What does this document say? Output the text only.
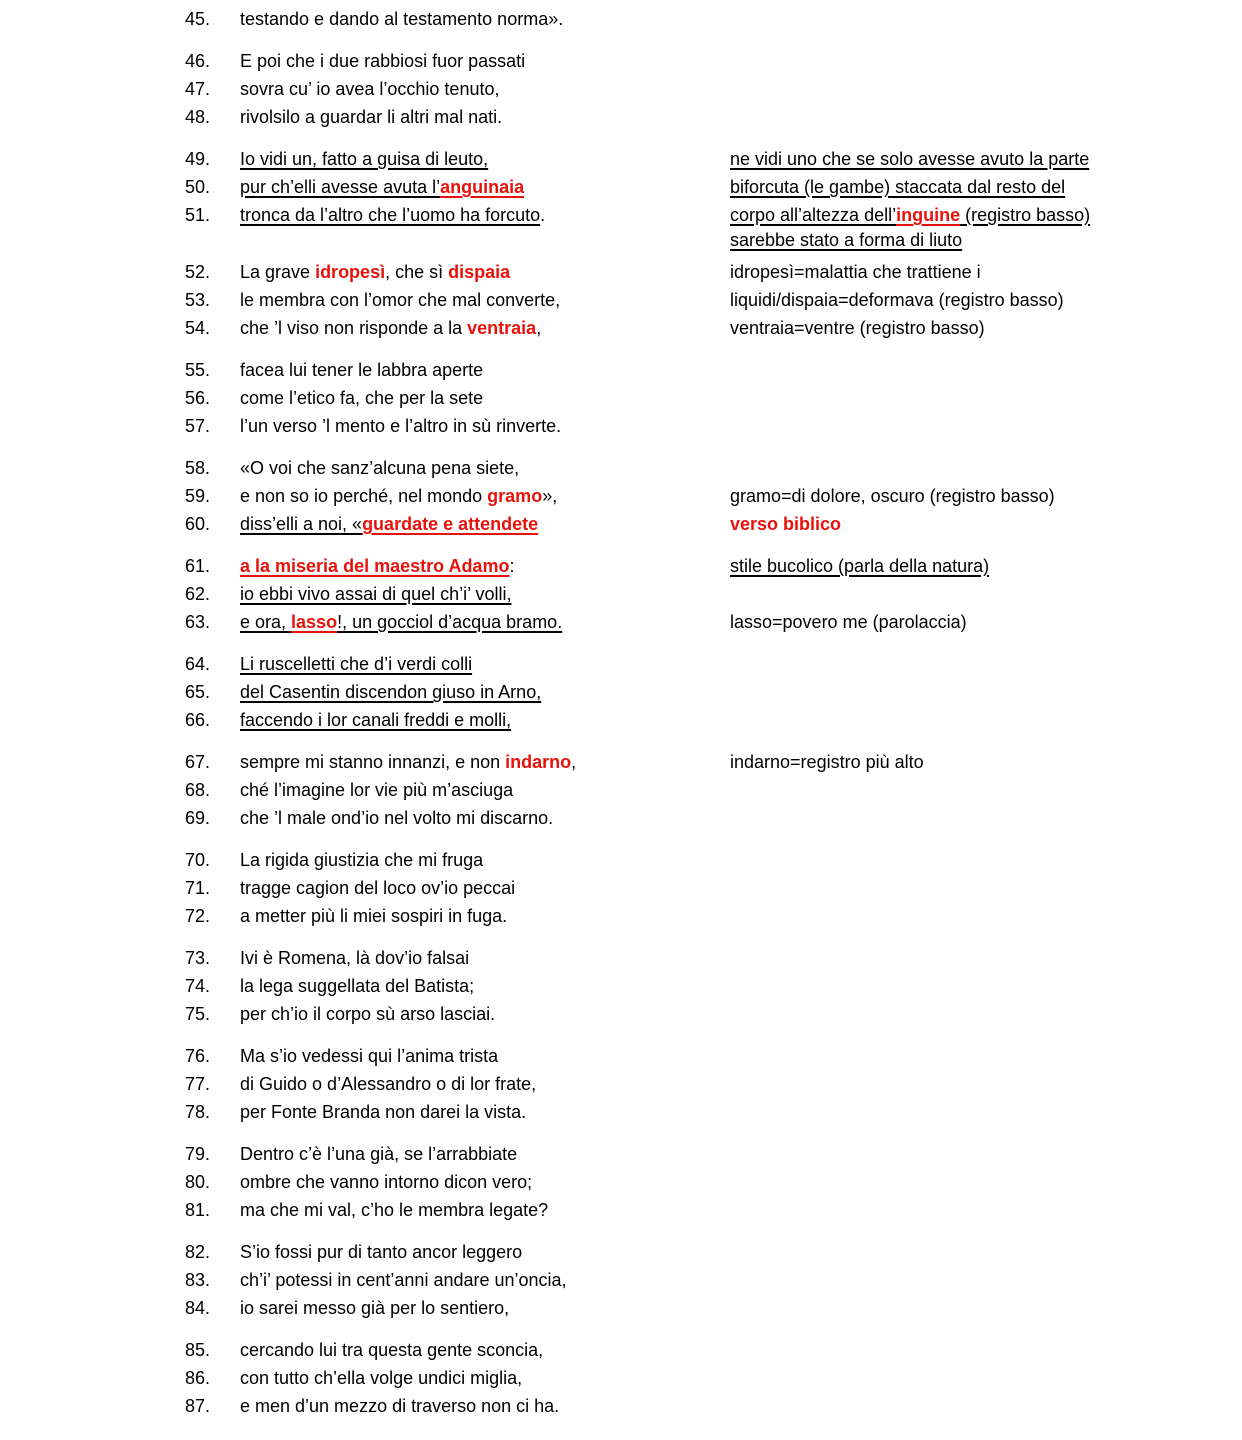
45.	testando e dando al testamento norma».
46.	E poi che i due rabbiosi fuor passati
47.	sovra cu’ io avea l’occhio tenuto,
48.	rivolsilo a guardar li altri mal nati.
49.	Io vidi un, fatto a guisa di leuto,	ne vidi uno che se solo avesse avuto la parte
50.	pur ch’elli avesse avuta l’anguinaia	biforcuta (le gambe) staccata dal resto del
51.	tronca da l’altro che l’uomo ha forcuto.	corpo all’altezza dell’inguine (registro basso)
sarebbe stato a forma di liuto
52.	La grave idropesì, che sì dispaia	idropesì=malattia che trattiene i
53.	le membra con l’omor che mal converte,	liquidi/dispaia=deformava (registro basso)
54.	che ’l viso non risponde a la ventraia,	ventraia=ventre (registro basso)
55.	facea lui tener le labbra aperte
56.	come l’etico fa, che per la sete
57.	l’un verso ’l mento e l’altro in sù rinverte.
58.	«O voi che sanz’alcuna pena siete,
59.	e non so io perché, nel mondo gramo»,	gramo=di dolore, oscuro (registro basso)
60.	diss’elli a noi, «guardate e attendete	verso biblico
61.	a la miseria del maestro Adamo:	stile bucolico (parla della natura)
62.	io ebbi vivo assai di quel ch’i’ volli,
63.	e ora, lasso!, un gocciol d’acqua bramo.	lasso=povero me (parolaccia)
64.	Li ruscelletti che d’i verdi colli
65.	del Casentin discendon giuso in Arno,
66.	faccendo i lor canali freddi e molli,
67.	sempre mi stanno innanzi, e non indarno,	indarno=registro più alto
68.	ché l’imagine lor vie più m’asciuga
69.	che ’l male ond’io nel volto mi discarno.
70.	La rigida giustizia che mi fruga
71.	tragge cagion del loco ov’io peccai
72.	a metter più li miei sospiri in fuga.
73.	Ivi è Romena, là dov’io falsai
74.	la lega suggellata del Batista;
75.	per ch’io il corpo sù arso lasciai.
76.	Ma s’io vedessi qui l’anima trista
77.	di Guido o d’Alessandro o di lor frate,
78.	per Fonte Branda non darei la vista.
79.	Dentro c’è l’una già, se l’arrabbiate
80.	ombre che vanno intorno dicon vero;
81.	ma che mi val, c’ho le membra legate?
82.	S’io fossi pur di tanto ancor leggero
83.	ch’i’ potessi in cent’anni andare un’oncia,
84.	io sarei messo già per lo sentiero,
85.	cercando lui tra questa gente sconcia,
86.	con tutto ch’ella volge undici miglia,
87.	e men d’un mezzo di traverso non ci ha.
